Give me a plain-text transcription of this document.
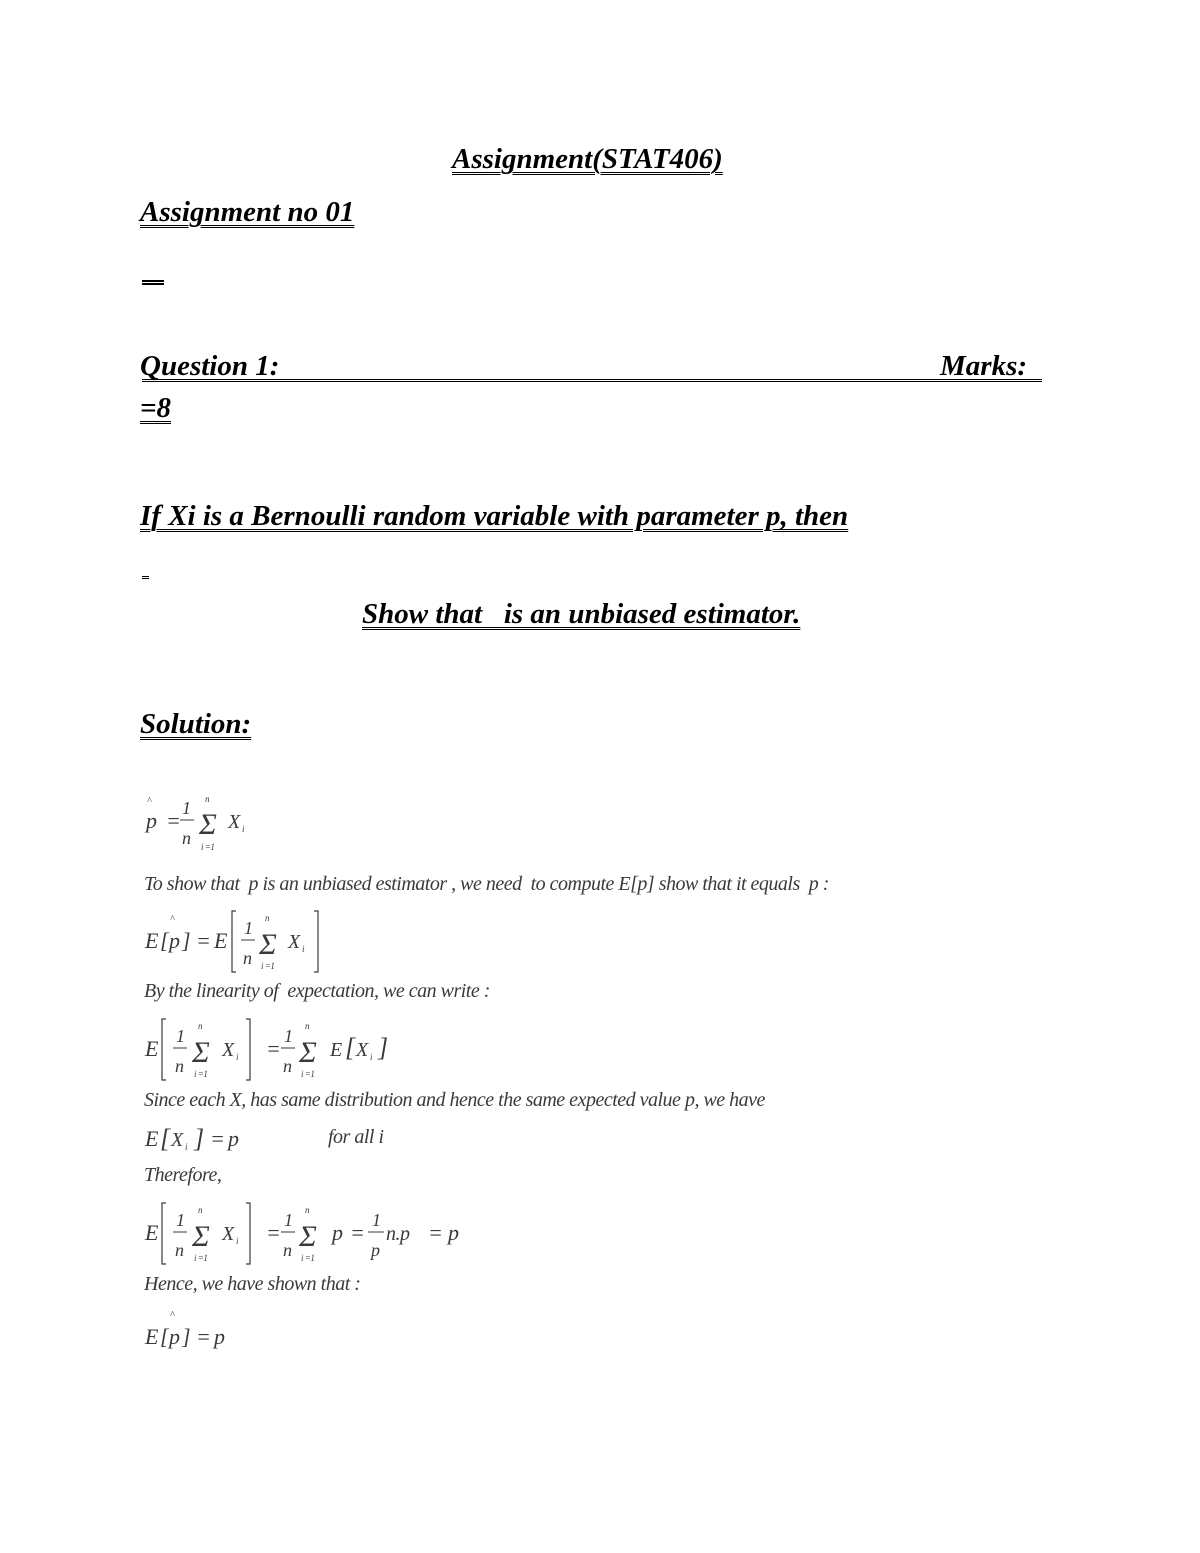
Assignment(STAT406)
Assignment no 01

Question 1:	Marks:
=8
If Xi is a Bernoulli random variable with parameter p, then

Show that   is an unbiased estimator.
Solution:
p
^
= 1
n Σ
n
i =1
X i
To show that  p is an unbiased estimator , we need  to compute E[p] show that it equals  p :
E [ p
^
] = E 1
n Σ
n
i =1
X i
By the linearity of  expectation, we can write :
E 1
n Σ
n
i =1
X i = 1
n Σ
n
i =1
E [ X i ]
Since each X, has same distribution and hence the same expected value p, we have
E [ X i ] = p	for all i
Therefore,
E 1
n Σ
n
i =1
X i = 1
n Σ
n
i =1
p = 1
p
n.p = p
Hence, we have shown that :
E [ p
^
] = p
